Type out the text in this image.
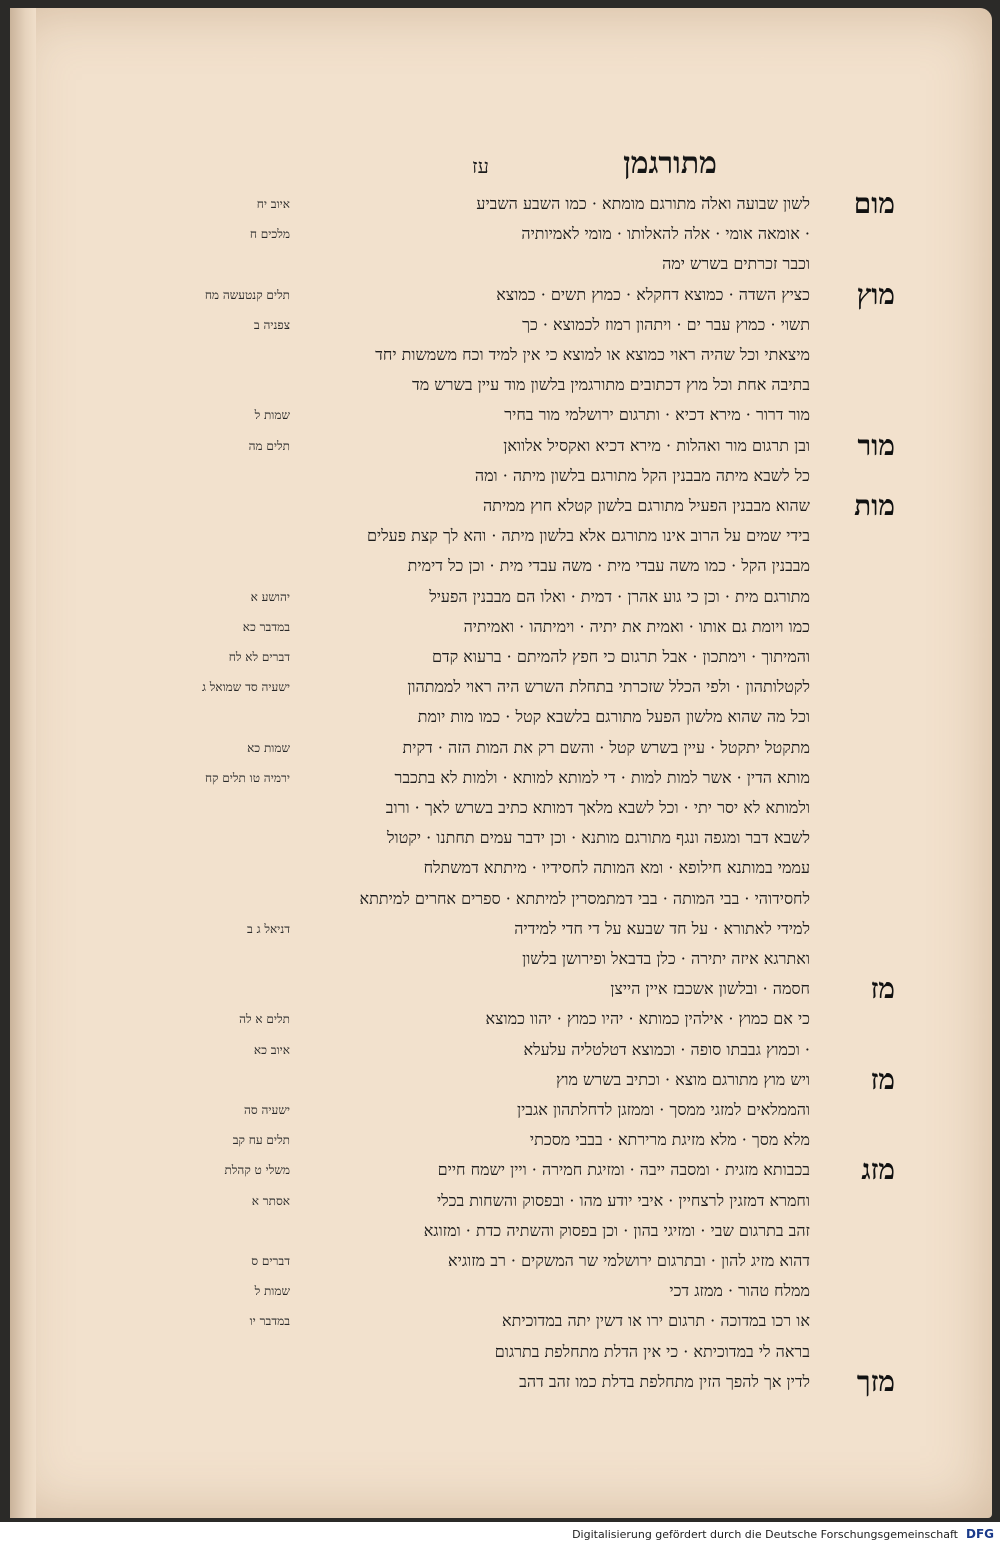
מתורגמן
עז
לשון שבועה ואלה מתורגם מומתא · כמו השבע השביע
· אומאה אומי · אלה להאלותו · מומי לאמיותיה
וכבר זכרתים בשרש ימה
כציץ השדה · כמוצא דחקלא · כמוץ תשים · כמוצא
תשוי · כמוץ עבר ים · ויתהון רמוז לכמוצא · כך
מיצאתי וכל שהיה ראוי כמוצא או למוצא כי אין למיד וכח משמשות יחד
בתיבה אחת וכל מוץ דכתובים מתורגמין בלשון מוד עיין בשרש מד
מור דרור · מירא דכיא · ותרגום ירושלמי מור בחיר
ובן תרגום מור ואהלות · מירא דכיא ואקסיל אלוואן
כל לשבא מיתה מבבנין הקל מתורגם בלשון מיתה · ומה
שהוא מבבנין הפעיל מתורגם בלשון קטלא חוץ ממיתה
בידי שמים על הרוב אינו מתורגם אלא בלשון מיתה · והא לך קצת פעלים
מבבנין הקל · כמו משה עבדי מית · משה עבדי מית · וכן כל דימית
מתורגם מית · וכן כי גוע אהרן · דמית · ואלו הם מבבנין הפעיל
כמו ויומת גם אותו · ואמית את יתיה · וימיתהו · ואמיתיה
והמיתוך · וימתכון · אבל תרגום כי חפץ להמיתם · ברעוא קדם
לקטלותהון · ולפי הכלל שזכרתי בתחלת השרש היה ראוי לממתהון
וכל מה שהוא מלשון הפעל מתורגם בלשבא קטל · כמו מות יומת
מתקטל יתקטל · עיין בשרש קטל · והשם רק את המות הזה · דקית
מותא הדין · אשר למות למות · די למותא למותא · ולמות לא בתכבר
ולמותא לא יסר יתי · וכל לשבא מלאך דמותא כתיב בשרש לאך · ורוב
לשבא דבר ומגפה ונגף מתורגם מותנא · וכן ידבר עמים תחתנו · יקטול
עממי במותנא חילופא · ומא המותה לחסידיו · מיתתא דמשתלח
לחסידוהי · בבי המותה · בבי דמתמסרין למיתתא · ספרים אחרים למיתתא
למידי לאתורא · על חד שבעא על די חדי למידיה
ואתרגא איזה יתירה · כלן בדבאל ופירושן בלשון
חסמה · ובלשון אשכבז איין הייצן
כי אם כמוץ · אילהין כמותא · יהיו כמוץ · יהוו כמוצא
· וכמוץ גבבתו סופה · וכמוצא דטלטליה עלעלא
ויש מוץ מתורגם מוצא · וכתיב בשרש מוץ
והממלאים למזגי ממסך · וממזגן לדחלתהון אגבין
מלא מסך · מלא מזיגת מרירתא · בבבי מסכתי
בכבותא מזגית · ומסבה ייבה · ומזיגת חמירה · ויין ישמח חיים
וחמרא דמזגין לרצחיין · איבי יודע מהו · ובפסוק והשחות בכלי
זהב בתרגום שבי · ומזיגי בהון · וכן בפסוק והשתיה כדת · ומזוגא
דהוא מזיג להון · ובתרגום ירושלמי שר המשקים · רב מזוגיא
ממלח טהור · ממזג דכי
או רכו במדוכה · תרגום ירו או דשין יתה במדוכיתא
בראה לי במדוכיתא · כי אין הדלת מתחלפת בתרגום
לדין אך להפך הזין מתחלפת בדלת כמו זהב דהב
מום
מוץ
מור
מות
מז
מז
מזג
מזך
איוב יח
מלכים ח
תלים קנטעשה מח
צפניה ב
שמות ל
תלים מה
יהושע א
במדבר כא
דברים לא לח
ישעיה סד שמואל ג
שמות כא
ירמיה טו תלים קח
דניאל ג ב
תלים א לה
איוב כא
ישעיה סה
תלים עח קב
משלי ט קהלת
אסתר א
דברים ס
שמות ל
במדבר יו
Digitalisierung gefördert durch die Deutsche Forschungsgemeinschaft DFG
